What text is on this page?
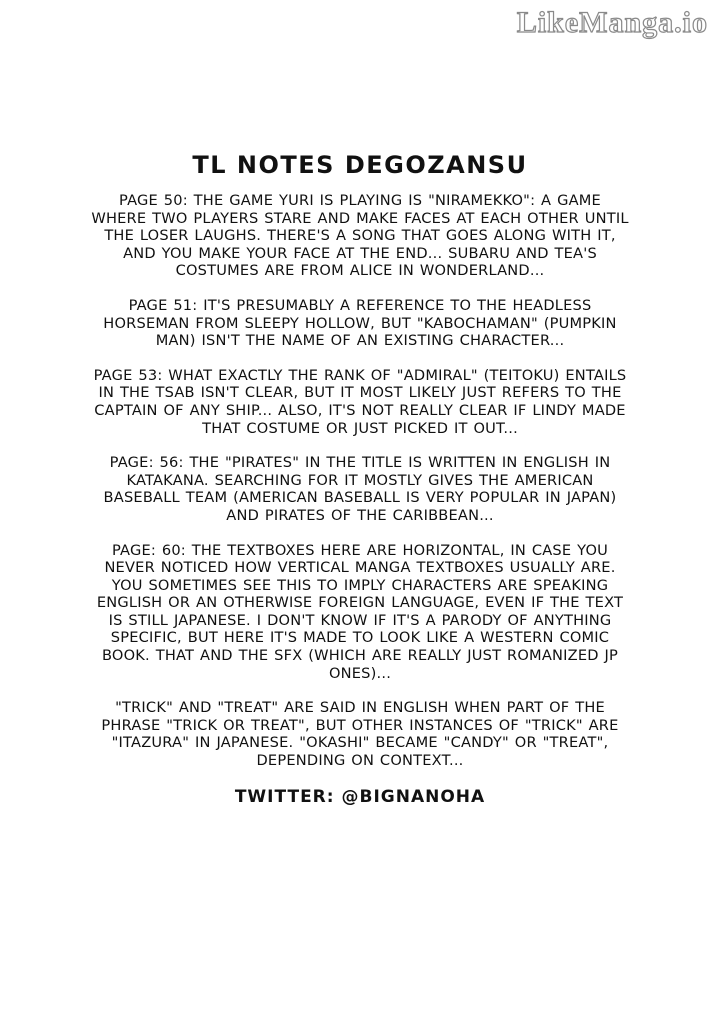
LikeManga.io
TL NOTES DEGOZANSU

PAGE 50: THE GAME YURI IS PLAYING IS "NIRAMEKKO": A GAME WHERE TWO PLAYERS STARE AND MAKE FACES AT EACH OTHER UNTIL THE LOSER LAUGHS. THERE'S A SONG THAT GOES ALONG WITH IT, AND YOU MAKE YOUR FACE AT THE END... SUBARU AND TEA'S COSTUMES ARE FROM ALICE IN WONDERLAND...

PAGE 51: IT'S PRESUMABLY A REFERENCE TO THE HEADLESS HORSEMAN FROM SLEEPY HOLLOW, BUT "KABOCHAMAN" (PUMPKIN MAN) ISN'T THE NAME OF AN EXISTING CHARACTER...

PAGE 53: WHAT EXACTLY THE RANK OF "ADMIRAL" (TEITOKU) ENTAILS IN THE TSAB ISN'T CLEAR, BUT IT MOST LIKELY JUST REFERS TO THE CAPTAIN OF ANY SHIP... ALSO, IT'S NOT REALLY CLEAR IF LINDY MADE THAT COSTUME OR JUST PICKED IT OUT...

PAGE: 56: THE "PIRATES" IN THE TITLE IS WRITTEN IN ENGLISH IN KATAKANA. SEARCHING FOR IT MOSTLY GIVES THE AMERICAN BASEBALL TEAM (AMERICAN BASEBALL IS VERY POPULAR IN JAPAN) AND PIRATES OF THE CARIBBEAN...

PAGE: 60: THE TEXTBOXES HERE ARE HORIZONTAL, IN CASE YOU NEVER NOTICED HOW VERTICAL MANGA TEXTBOXES USUALLY ARE. YOU SOMETIMES SEE THIS TO IMPLY CHARACTERS ARE SPEAKING ENGLISH OR AN OTHERWISE FOREIGN LANGUAGE, EVEN IF THE TEXT IS STILL JAPANESE. I DON'T KNOW IF IT'S A PARODY OF ANYTHING SPECIFIC, BUT HERE IT'S MADE TO LOOK LIKE A WESTERN COMIC BOOK. THAT AND THE SFX (WHICH ARE REALLY JUST ROMANIZED JP ONES)...

"TRICK" AND "TREAT" ARE SAID IN ENGLISH WHEN PART OF THE PHRASE "TRICK OR TREAT", BUT OTHER INSTANCES OF "TRICK" ARE "ITAZURA" IN JAPANESE. "OKASHI" BECAME "CANDY" OR "TREAT", DEPENDING ON CONTEXT...

TWITTER: @BIGNANOHA
